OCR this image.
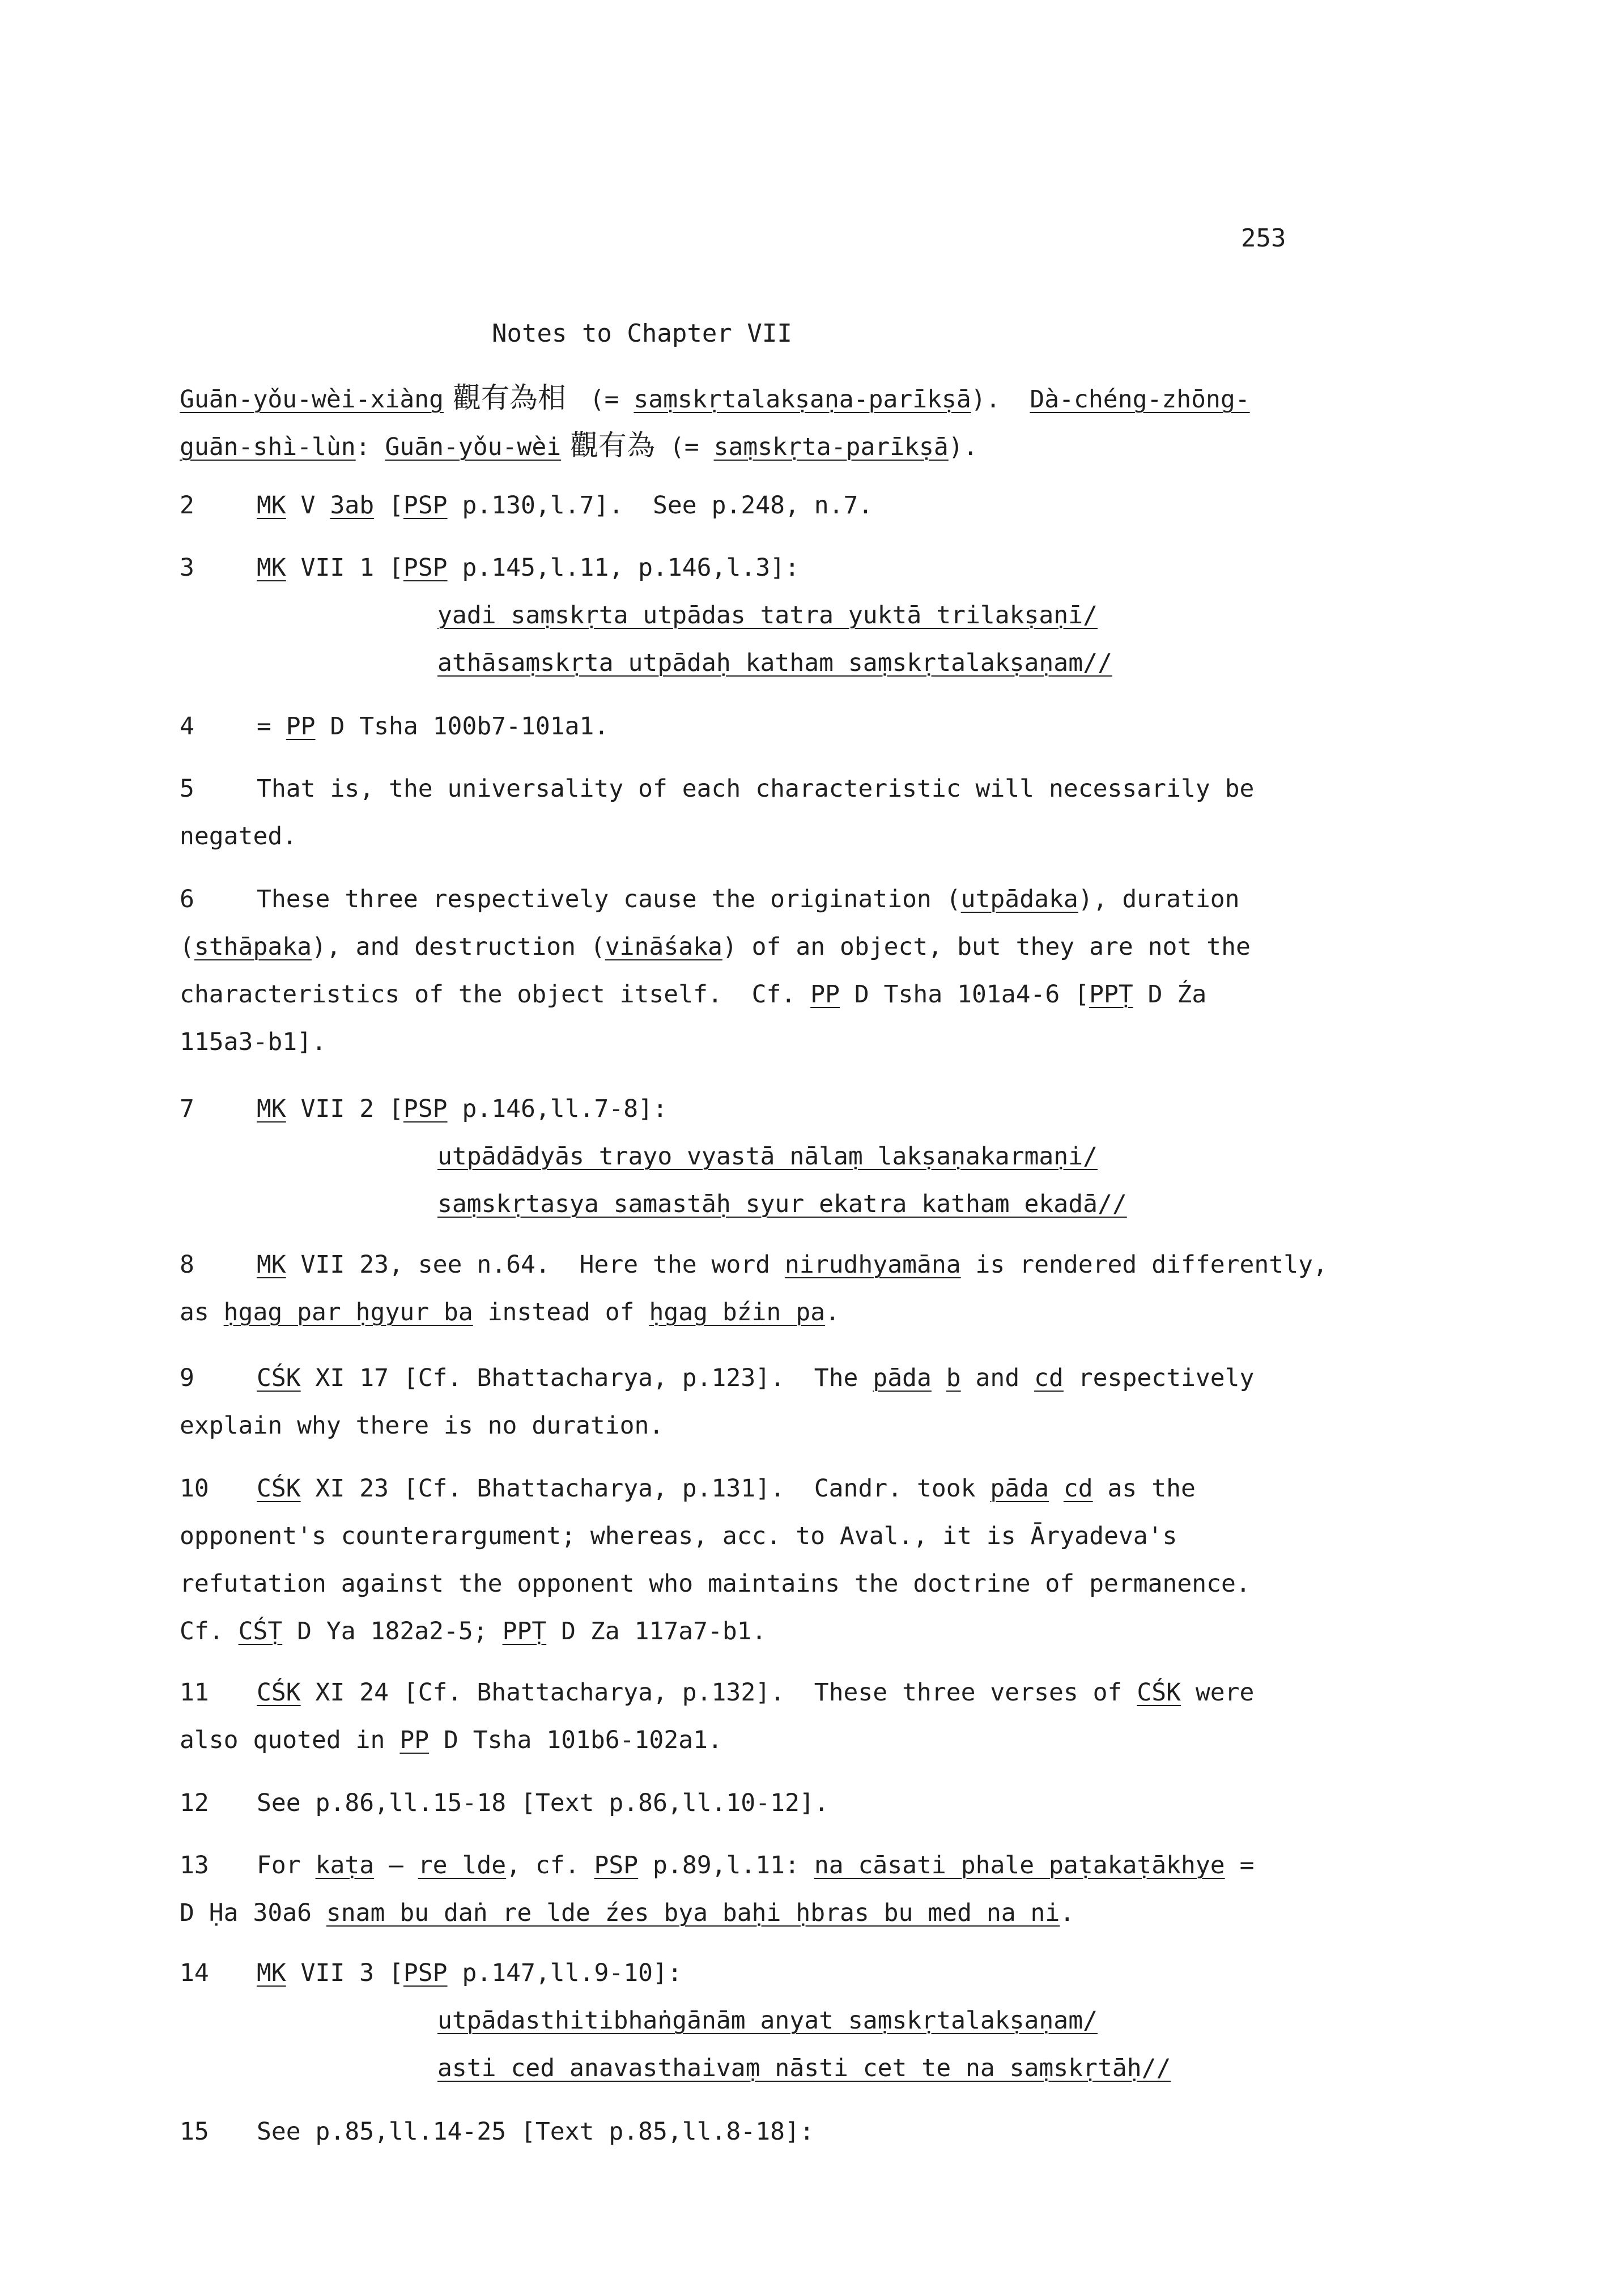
253
Notes to Chapter VII
Guān-yǒu-wèi-xiàng 觀有為相  (= saṃskṛtalakṣaṇa-parīkṣā).  Dà-chéng-zhōng-
guān-shì-lùn: Guān-yǒu-wèi 觀有為 (= saṃskṛta-parīkṣā).
2	MK V 3ab [PSP p.130,l.7].  See p.248, n.7.
3	MK VII 1 [PSP p.145,l.11, p.146,l.3]:
yadi saṃskṛta utpādas tatra yuktā trilakṣaṇī/
athāsaṃskṛta utpādaḥ katham saṃskṛtalakṣaṇam//
4	= PP D Tsha 100b7-101a1.
5	That is, the universality of each characteristic will necessarily be
negated.
6	These three respectively cause the origination (utpādaka), duration
(sthāpaka), and destruction (vināśaka) of an object, but they are not the
characteristics of the object itself.  Cf. PP D Tsha 101a4-6 [PPṬ D Źa
115a3-b1].
7	MK VII 2 [PSP p.146,ll.7-8]:
utpādādyās trayo vyastā nālaṃ lakṣaṇakarmaṇi/
saṃskṛtasya samastāḥ syur ekatra katham ekadā//
8	MK VII 23, see n.64.  Here the word nirudhyamāna is rendered differently,
as ḥgag par ḥgyur ba instead of ḥgag bźin pa.
9	CŚK XI 17 [Cf. Bhattacharya, p.123].  The pāda b and cd respectively
explain why there is no duration.
10 CŚK XI 23 [Cf. Bhattacharya, p.131].  Candr. took pāda cd as the
opponent's counterargument; whereas, acc. to Aval., it is Āryadeva's
refutation against the opponent who maintains the doctrine of permanence.
Cf. CŚṬ D Ya 182a2-5; PPṬ D Za 117a7-b1.
11 CŚK XI 24 [Cf. Bhattacharya, p.132].  These three verses of CŚK were
also quoted in PP D Tsha 101b6-102a1.
12 See p.86,ll.15-18 [Text p.86,ll.10-12].
13 For kaṭa — re lde, cf. PSP p.89,l.11: na cāsati phale paṭakaṭākhye =
D Ḥa 30a6 snam bu daṅ re lde źes bya baḥi ḥbras bu med na ni.
14 MK VII 3 [PSP p.147,ll.9-10]:
utpādasthitibhaṅgānām anyat saṃskṛtalakṣaṇam/
asti ced anavasthaivaṃ nāsti cet te na saṃskṛtāḥ//
15 See p.85,ll.14-25 [Text p.85,ll.8-18]:
